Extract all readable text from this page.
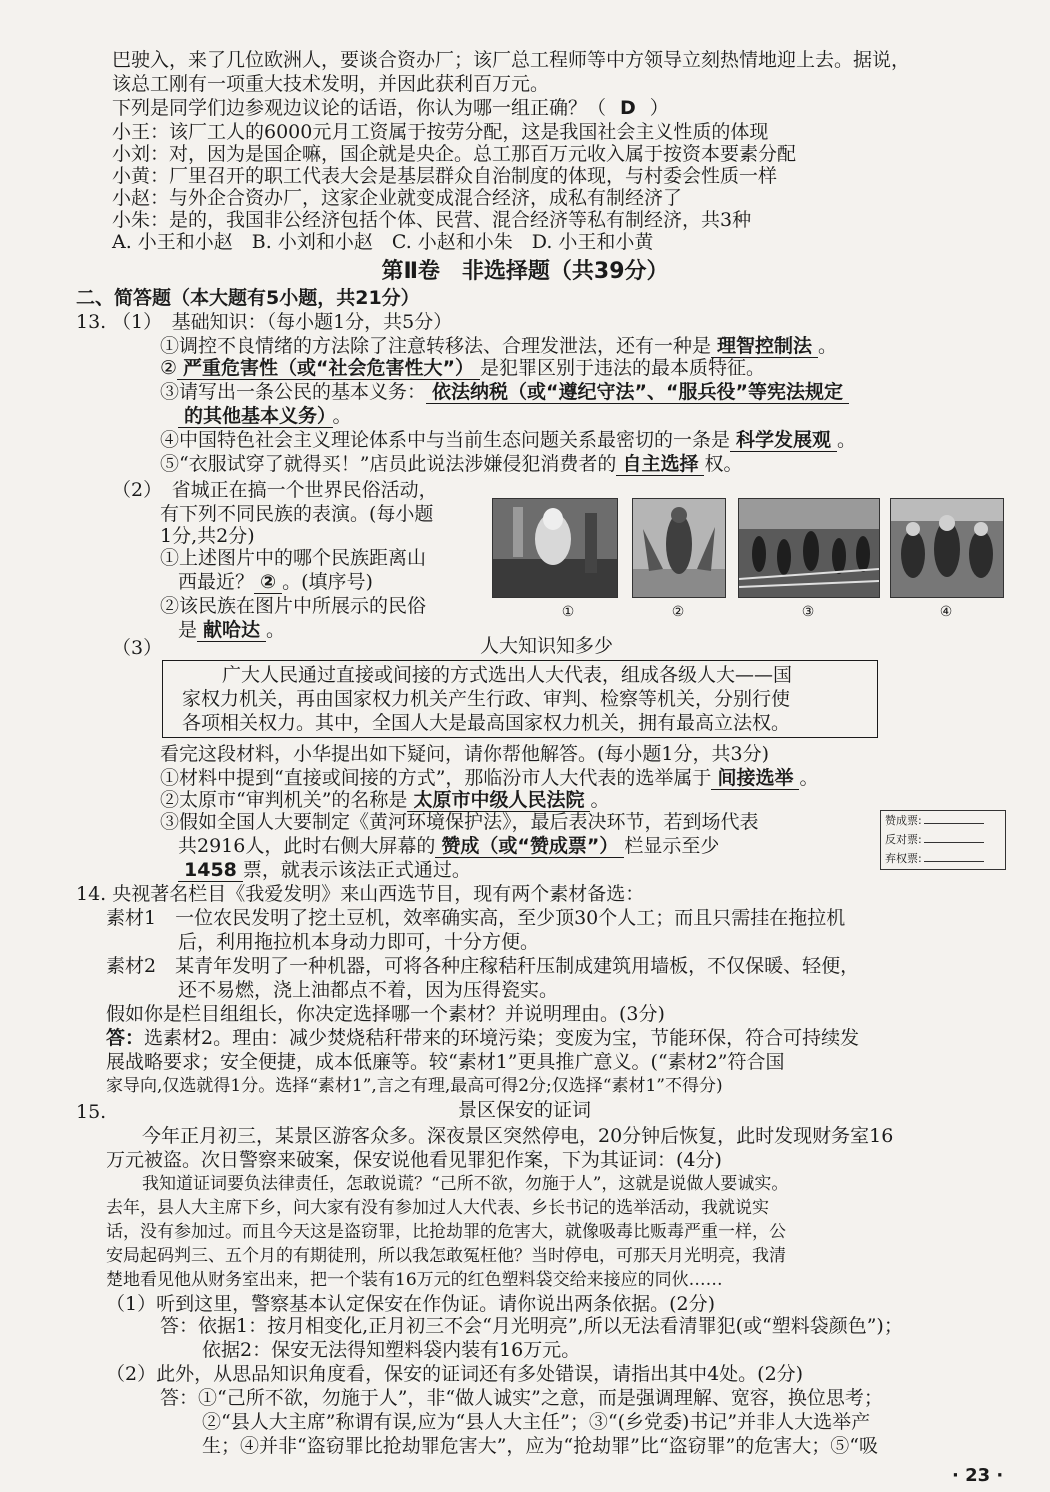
巴驶入，来了几位欧洲人，要谈合资办厂；该厂总工程师等中方领导立刻热情地迎上去。据说，
该总工刚有一项重大技术发明，并因此获利百万元。
下列是同学们边参观边议论的话语，你认为哪一组正确？（ D ）
小王：该厂工人的6000元月工资属于按劳分配，这是我国社会主义性质的体现
小刘：对，因为是国企嘛，国企就是央企。总工那百万元收入属于按资本要素分配
小黄：厂里召开的职工代表大会是基层群众自治制度的体现，与村委会性质一样
小赵：与外企合资办厂，这家企业就变成混合经济，成私有制经济了
小朱：是的，我国非公经济包括个体、民营、混合经济等私有制经济，共3种
A. 小王和小赵　B. 小刘和小赵　C. 小赵和小朱　D. 小王和小黄
第Ⅱ卷　非选择题（共39分）
二、简答题（本大题有5小题，共21分）
13. （1）　基础知识：（每小题1分，共5分）
①调控不良情绪的方法除了注意转移法、合理发泄法，还有一种是 理智控制法 。
② 严重危害性（或“社会危害性大”） 是犯罪区别于违法的最本质特征。
③请写出一条公民的基本义务： 依法纳税（或“遵纪守法”、“服兵役”等宪法规定
的其他基本义务） 。
④中国特色社会主义理论体系中与当前生态问题关系最密切的一条是 科学发展观 。
⑤“衣服试穿了就得买！”店员此说法涉嫌侵犯消费者的 自主选择 权。
（2）　省城正在搞一个世界民俗活动，
有下列不同民族的表演。(每小题
1分,共2分)
①上述图片中的哪个民族距离山
西最近？ ② 。(填序号)
②该民族在图片中所展示的民俗
是 献哈达 。
①	②	③	④
（3）	人大知识知多少
广大人民通过直接或间接的方式选出人大代表，组成各级人大——国
家权力机关，再由国家权力机关产生行政、审判、检察等机关，分别行使
各项相关权力。其中，全国人大是最高国家权力机关，拥有最高立法权。
看完这段材料，小华提出如下疑问，请你帮他解答。(每小题1分，共3分)
①材料中提到“直接或间接的方式”，那临汾市人大代表的选举属于 间接选举 。
②太原市“审判机关”的名称是 太原市中级人民法院 。
③假如全国人大要制定《黄河环境保护法》，最后表决环节，若到场代表
共2916人，此时右侧大屏幕的 赞成（或“赞成票”） 栏显示至少
1458 票，就表示该法正式通过。
赞成票:
反对票:
弃权票:
14. 央视著名栏目《我爱发明》来山西选节目，现有两个素材备选：
素材1　一位农民发明了挖土豆机，效率确实高，至少顶30个人工；而且只需挂在拖拉机
后，利用拖拉机本身动力即可，十分方便。
素材2　某青年发明了一种机器，可将各种庄稼秸秆压制成建筑用墙板，不仅保暖、轻便，
还不易燃，浇上油都点不着，因为压得瓷实。
假如你是栏目组组长，你决定选择哪一个素材？并说明理由。(3分)
答：选素材2。理由：减少焚烧秸秆带来的环境污染；变废为宝，节能环保，符合可持续发
展战略要求；安全便捷，成本低廉等。较“素材1”更具推广意义。(“素材2”符合国
家导向,仅选就得1分。选择“素材1”,言之有理,最高可得2分;仅选择“素材1”不得分)
15.	景区保安的证词
今年正月初三，某景区游客众多。深夜景区突然停电，20分钟后恢复，此时发现财务室16
万元被盗。次日警察来破案，保安说他看见罪犯作案，下为其证词：(4分)
我知道证词要负法律责任，怎敢说谎？“己所不欲，勿施于人”，这就是说做人要诚实。
去年，县人大主席下乡，问大家有没有参加过人大代表、乡长书记的选举活动，我就说实
话，没有参加过。而且今天这是盗窃罪，比抢劫罪的危害大，就像吸毒比贩毒严重一样，公
安局起码判三、五个月的有期徒刑，所以我怎敢冤枉他？当时停电，可那天月光明亮，我清
楚地看见他从财务室出来，把一个装有16万元的红色塑料袋交给来接应的同伙……
（1）听到这里，警察基本认定保安在作伪证。请你说出两条依据。(2分)
答：依据1：按月相变化,正月初三不会“月光明亮”,所以无法看清罪犯(或“塑料袋颜色”)；
依据2：保安无法得知塑料袋内装有16万元。
（2）此外，从思品知识角度看，保安的证词还有多处错误，请指出其中4处。(2分)
答：①“己所不欲，勿施于人”，非“做人诚实”之意，而是强调理解、宽容，换位思考；
②“县人大主席”称谓有误,应为“县人大主任”；③“(乡党委)书记”并非人大选举产
生；④并非“盗窃罪比抢劫罪危害大”，应为“抢劫罪”比“盗窃罪”的危害大；⑤“吸
· 23 ·
